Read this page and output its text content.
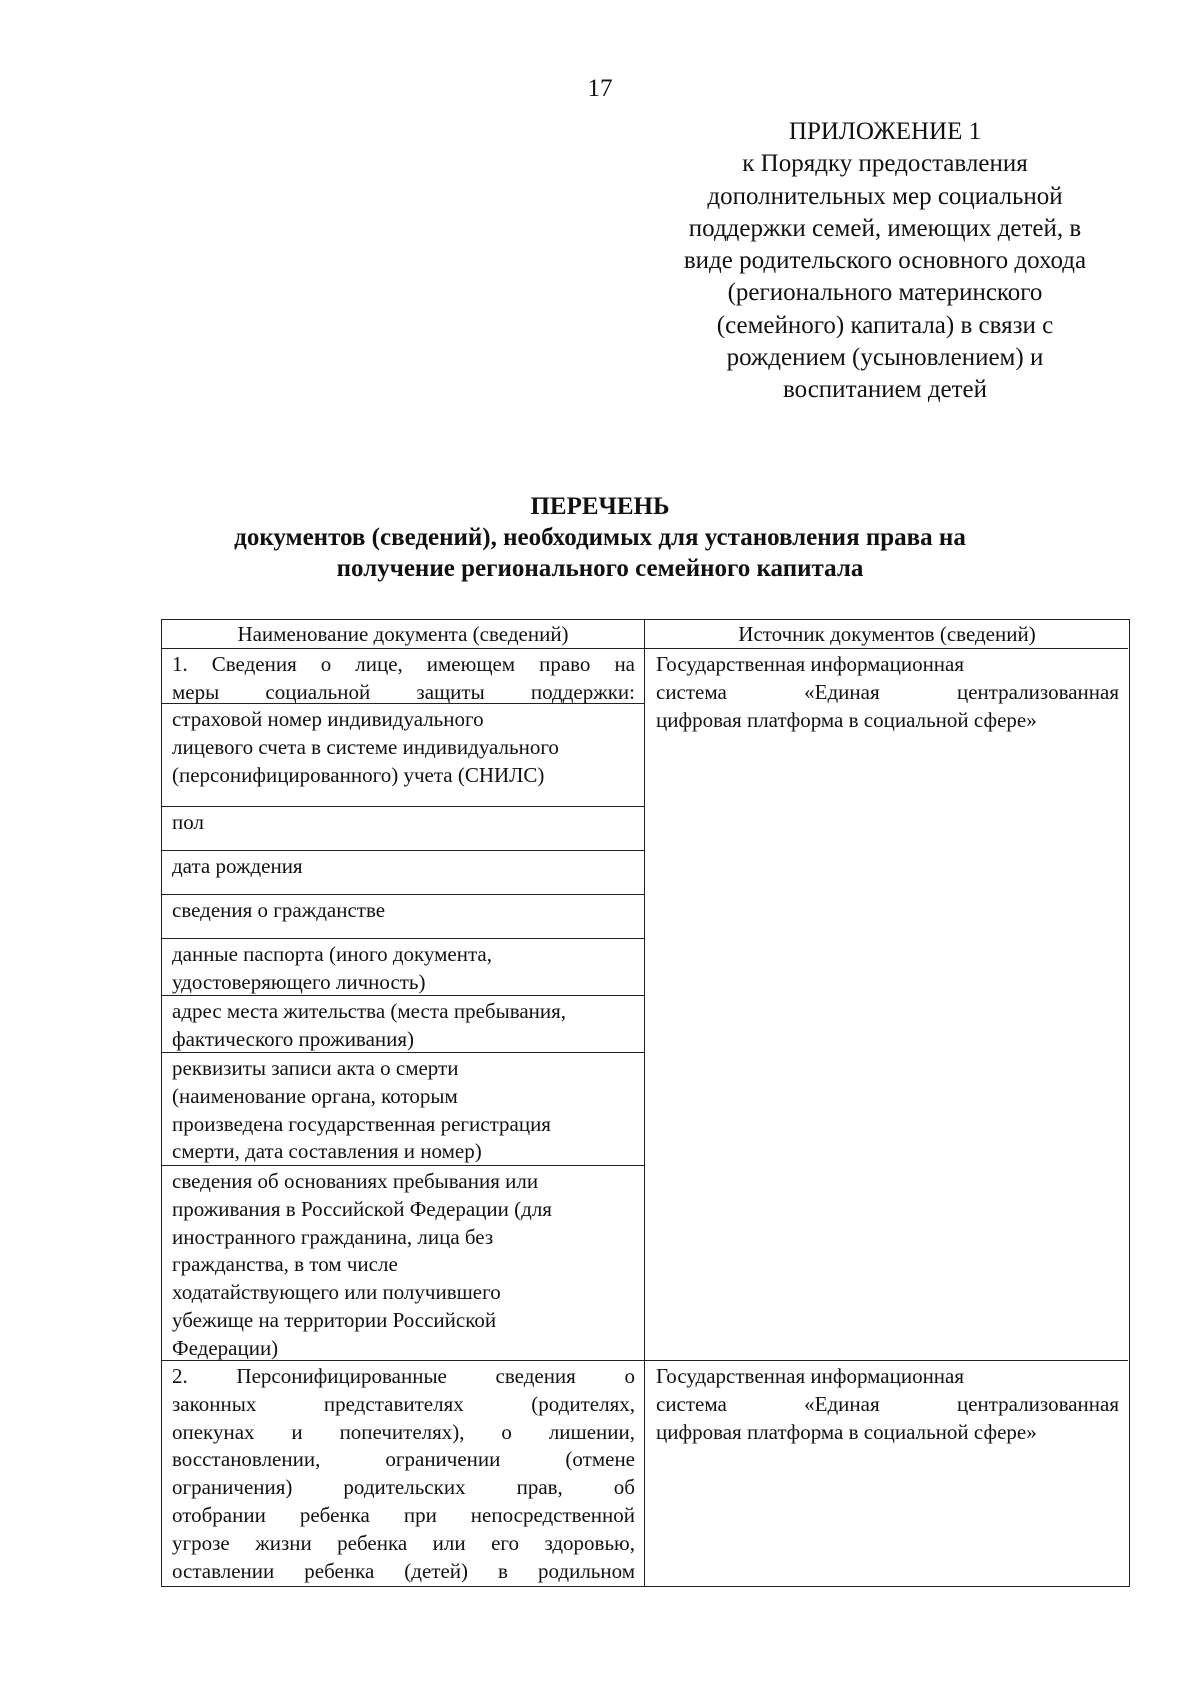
17
ПРИЛОЖЕНИЕ 1
к Порядку предоставления
дополнительных мер социальной
поддержки семей, имеющих детей, в
виде родительского основного дохода
(регионального материнского
(семейного) капитала) в связи с
рождением (усыновлением) и
воспитанием детей
ПЕРЕЧЕНЬ
документов (сведений), необходимых для установления права на
получение регионального семейного капитала
Наименование документа (сведений)	Источник документов (сведений)
1. Сведения о лице, имеющем право на
меры социальной защиты поддержки:
страховой номер индивидуального
лицевого счета в системе индивидуального
(персонифицированного) учета (СНИЛС)
пол
дата рождения
сведения о гражданстве
данные паспорта (иного документа,
удостоверяющего личность)
адрес места жительства (места пребывания,
фактического проживания)
реквизиты записи акта о смерти
(наименование органа, которым
произведена государственная регистрация
смерти, дата составления и номер)
сведения об основаниях пребывания или
проживания в Российской Федерации (для
иностранного гражданина, лица без
гражданства, в том числе
ходатайствующего или получившего
убежище на территории Российской
Федерации)
Государственная информационная
система «Единая централизованная
цифровая платформа в социальной сфере»
2. Персонифицированные сведения о
законных представителях (родителях,
опекунах и попечителях), о лишении,
восстановлении, ограничении (отмене
ограничения) родительских прав, об
отобрании ребенка при непосредственной
угрозе жизни ребенка или его здоровью,
оставлении ребенка (детей) в родильном
Государственная информационная
система «Единая централизованная
цифровая платформа в социальной сфере»
